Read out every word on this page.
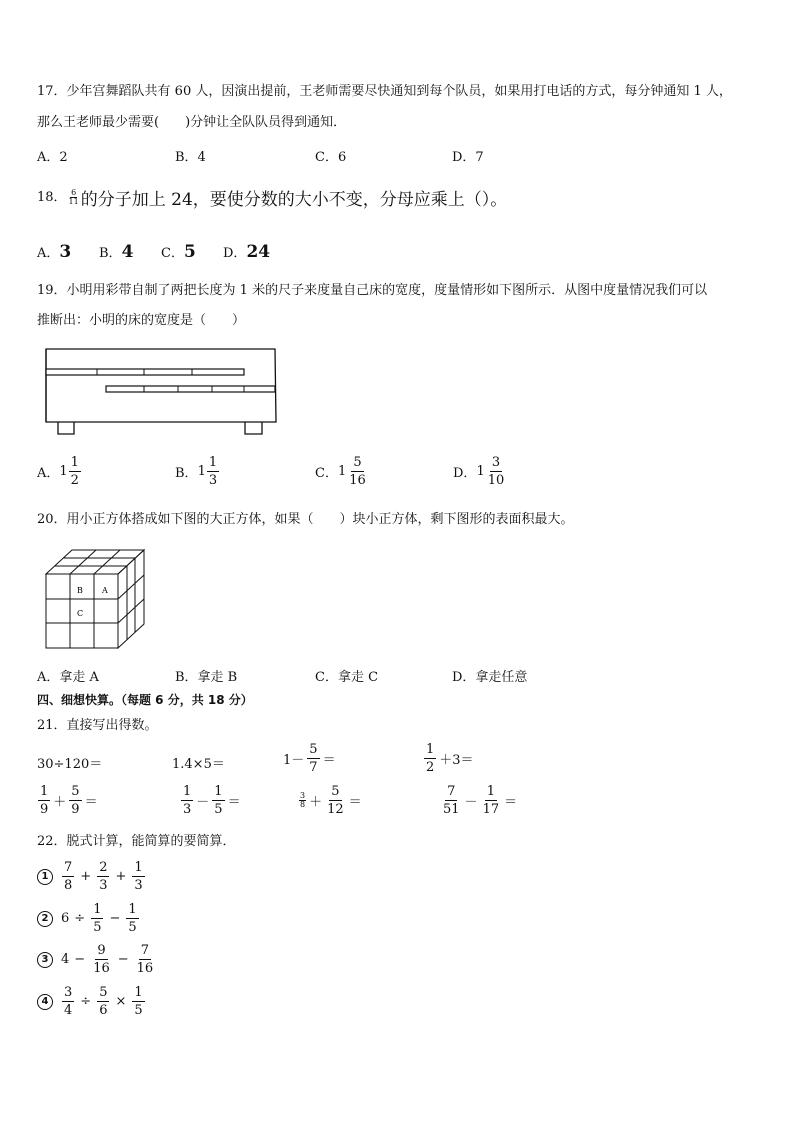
17．少年宫舞蹈队共有 60 人，因演出提前，王老师需要尽快通知到每个队员，如果用打电话的方式，每分钟通知 1 人，
那么王老师最少需要(　　)分钟让全队队员得到通知．
A．2	B．4	C．6	D．7
18． $\frac{6}{11}$ 的分子加上 24，要使分数的大小不变，分母应乘上（）。
A．3	B．4	C．5	D．24
19．小明用彩带自制了两把长度为 1 米的尺子来度量自己床的宽度，度量情形如下图所示．从图中度量情况我们可以
推断出：小明的床的宽度是（　　）
A． $1 \frac{1}{2}$	B． $1 \frac{1}{3}$	C． $1 \frac{5}{16}$	D． $1 \frac{3}{10}$
20．用小正方体搭成如下图的大正方体，如果（　　）块小正方体，剩下图形的表面积最大。
B A
C
A．拿走 A	B．拿走 B	C．拿走 C	D．拿走任意
四、细想快算。（每题 6 分，共 18 分）
21．直接写出得数。
30÷120＝	1.4×5＝	$1- \frac{5}{7}$ ＝	$\frac{1}{2} +3=$
$\frac{1}{9} + \frac{5}{9}$ ＝	$\frac{1}{3} - \frac{1}{5}$ ＝	$\frac{3}{8} + \frac{5}{12}$ ＝	$\frac{7}{51} - \frac{1}{17}$ ＝
22．脱式计算，能简算的要简算．
1	$\frac{7}{8} + \frac{2}{3} + \frac{1}{3}$
2 $6 \div \frac{1}{5} - \frac{1}{5}$
3 $4 - \frac{9}{16} - \frac{7}{16}$
4	$\frac{3}{4} \div \frac{5}{6} \times \frac{1}{5}$
